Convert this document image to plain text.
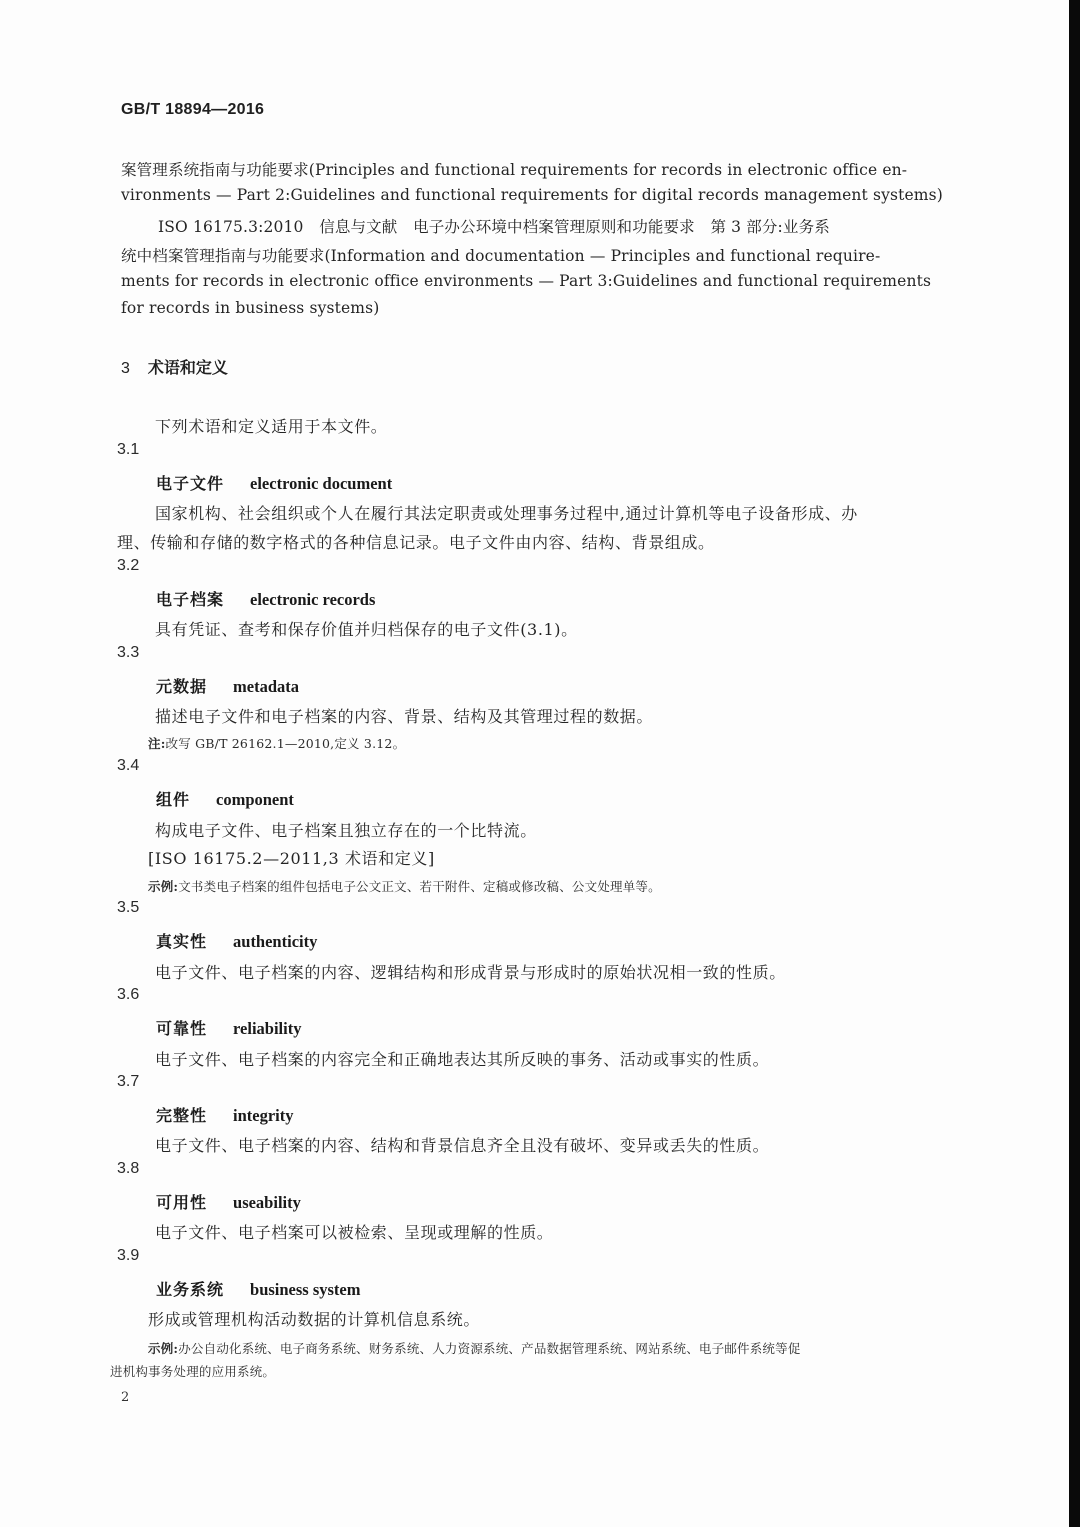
GB/T 18894—2016
案管理系统指南与功能要求(Principles and functional requirements for records in electronic office en-
vironments — Part 2:Guidelines and functional requirements for digital records management systems)
ISO 16175.3:2010　信息与文献　电子办公环境中档案管理原则和功能要求　第 3 部分:业务系
统中档案管理指南与功能要求(Information and documentation — Principles and functional require-
ments for records in electronic office environments — Part 3:Guidelines and functional requirements
for records in business systems)
3 术语和定义
下列术语和定义适用于本文件。
3.1
电子文件 electronic document
国家机构、社会组织或个人在履行其法定职责或处理事务过程中,通过计算机等电子设备形成、办
理、传输和存储的数字格式的各种信息记录。电子文件由内容、结构、背景组成。
3.2
电子档案 electronic records
具有凭证、查考和保存价值并归档保存的电子文件(3.1)。
3.3
元数据 metadata
描述电子文件和电子档案的内容、背景、结构及其管理过程的数据。
注:改写 GB/T 26162.1—2010,定义 3.12。
3.4
组件 component
构成电子文件、电子档案且独立存在的一个比特流。
[ISO 16175.2—2011,3 术语和定义]
示例:文书类电子档案的组件包括电子公文正文、若干附件、定稿或修改稿、公文处理单等。
3.5
真实性 authenticity
电子文件、电子档案的内容、逻辑结构和形成背景与形成时的原始状况相一致的性质。
3.6
可靠性 reliability
电子文件、电子档案的内容完全和正确地表达其所反映的事务、活动或事实的性质。
3.7
完整性 integrity
电子文件、电子档案的内容、结构和背景信息齐全且没有破坏、变异或丢失的性质。
3.8
可用性 useability
电子文件、电子档案可以被检索、呈现或理解的性质。
3.9
业务系统 business system
形成或管理机构活动数据的计算机信息系统。
示例:办公自动化系统、电子商务系统、财务系统、人力资源系统、产品数据管理系统、网站系统、电子邮件系统等促
进机构事务处理的应用系统。
2
